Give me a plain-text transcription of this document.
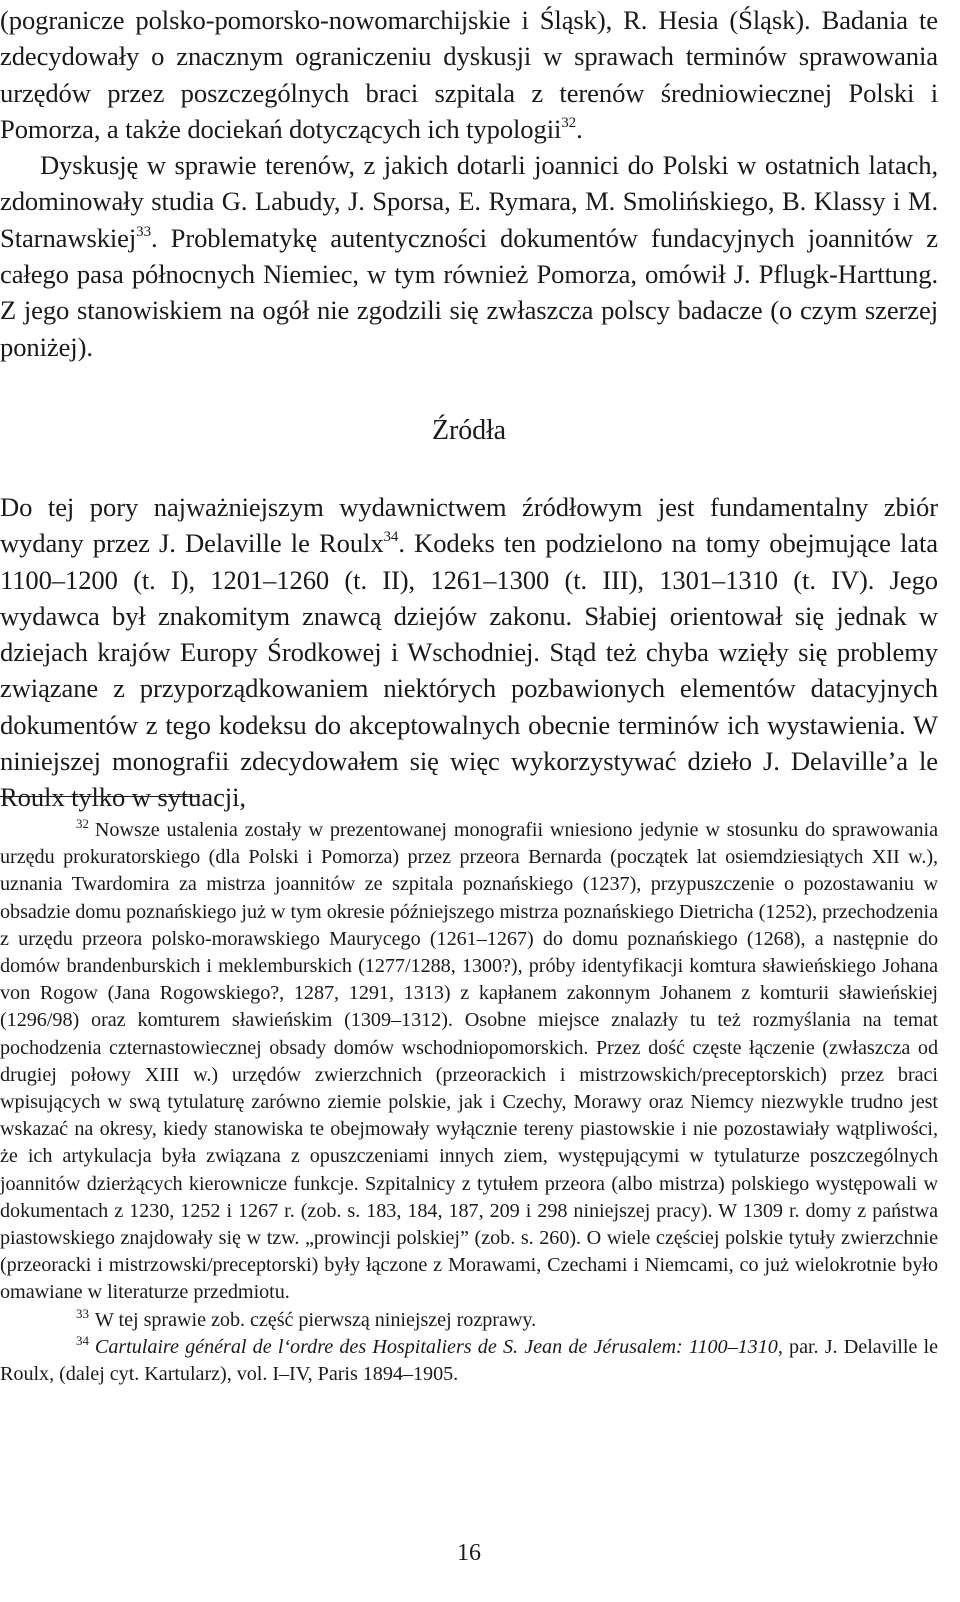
(pogranicze polsko-pomorsko-nowomarchijskie i Śląsk), R. Hesia (Śląsk). Badania te zdecydowały o znacznym ograniczeniu dyskusji w sprawach terminów sprawowania urzędów przez poszczególnych braci szpitala z terenów średniowiecznej Polski i Pomorza, a także dociekań dotyczących ich typologii$^{32}$.

Dyskusję w sprawie terenów, z jakich dotarli joannici do Polski w ostatnich latach, zdominowały studia G. Labudy, J. Sporsa, E. Rymara, M. Smolińskiego, B. Klassy i M. Starnawskiej$^{33}$. Problematykę autentyczności dokumentów fundacyjnych joannitów z całego pasa północnych Niemiec, w tym również Pomorza, omówił J. Pflugk-Harttung. Z jego stanowiskiem na ogół nie zgodzili się zwłaszcza polscy badacze (o czym szerzej poniżej).

Źródła

Do tej pory najważniejszym wydawnictwem źródłowym jest fundamentalny zbiór wydany przez J. Delaville le Roulx$^{34}$. Kodeks ten podzielono na tomy obejmujące lata 1100–1200 (t. I), 1201–1260 (t. II), 1261–1300 (t. III), 1301–1310 (t. IV). Jego wydawca był znakomitym znawcą dziejów zakonu. Słabiej orientował się jednak w dziejach krajów Europy Środkowej i Wschodniej. Stąd też chyba wzięły się problemy związane z przyporządkowaniem niektórych pozbawionych elementów datacyjnych dokumentów z tego kodeksu do akceptowalnych obecnie terminów ich wystawienia. W niniejszej monografii zdecydowałem się więc wykorzystywać dzieło J. Delaville’a le Roulx tylko w sytuacji,

$^{32}$ Nowsze ustalenia zostały w prezentowanej monografii wniesiono jedynie w stosunku do sprawowania urzędu prokuratorskiego (dla Polski i Pomorza) przez przeora Bernarda (początek lat osiemdziesiątych XII w.), uznania Twardomira za mistrza joannitów ze szpitala poznańskiego (1237), przypuszczenie o pozostawaniu w obsadzie domu poznańskiego już w tym okresie późniejszego mistrza poznańskiego Dietricha (1252), przechodzenia z urzędu przeora polsko-morawskiego Maurycego (1261–1267) do domu poznańskiego (1268), a następnie do domów brandenburskich i meklemburskich (1277/1288, 1300?), próby identyfikacji komtura sławieńskiego Johana von Rogow (Jana Rogowskiego?, 1287, 1291, 1313) z kapłanem zakonnym Johanem z komturii sławieńskiej (1296/98) oraz komturem sławieńskim (1309–1312). Osobne miejsce znalazły tu też rozmyślania na temat pochodzenia czternastowiecznej obsady domów wschodniopomorskich. Przez dość częste łączenie (zwłaszcza od drugiej połowy XIII w.) urzędów zwierzchnich (przeorackich i mistrzowskich/preceptorskich) przez braci wpisujących w swą tytulaturę zarówno ziemie polskie, jak i Czechy, Morawy oraz Niemcy niezwykle trudno jest wskazać na okresy, kiedy stanowiska te obejmowały wyłącznie tereny piastowskie i nie pozostawiały wątpliwości, że ich artykulacja była związana z opuszczeniami innych ziem, występującymi w tytulaturze poszczególnych joannitów dzierżących kierownicze funkcje. Szpitalnicy z tytułem przeora (albo mistrza) polskiego występowali w dokumentach z 1230, 1252 i 1267 r. (zob. s. 183, 184, 187, 209 i 298 niniejszej pracy). W 1309 r. domy z państwa piastowskiego znajdowały się w tzw. „prowincji polskiej” (zob. s. 260). O wiele częściej polskie tytuły zwierzchnie (przeoracki i mistrzowski/preceptorski) były łączone z Morawami, Czechami i Niemcami, co już wielokrotnie było omawiane w literaturze przedmiotu.

$^{33}$ W tej sprawie zob. część pierwszą niniejszej rozprawy.

$^{34}$ Cartulaire général de l‘ordre des Hospitaliers de S. Jean de Jérusalem: 1100–1310, par. J. Delaville le Roulx, (dalej cyt. Kartularz), vol. I–IV, Paris 1894–1905.

16
